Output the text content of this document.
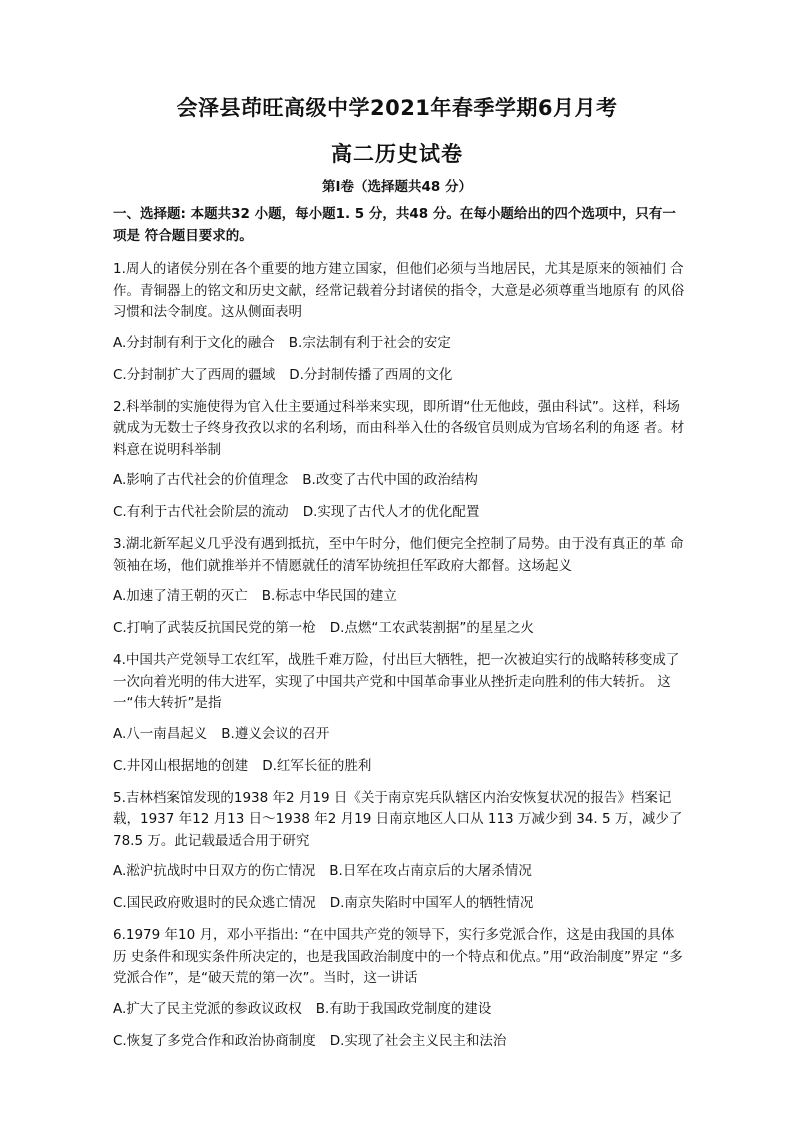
会泽县茚旺高级中学2021年春季学期6月月考
高二历史试卷
第I卷（选择题共48 分）

一、选择题: 本题共32 小题，每小题1. 5 分，共48 分。在每小题给出的四个选项中，只有一项是 符合题目要求的。

1.周人的诸侯分别在各个重要的地方建立国家，但他们必须与当地居民，尤其是原来的领袖们 合作。青铜器上的铭文和历史文献，经常记载着分封诸侯的指令，大意是必须尊重当地原有 的风俗习惯和法令制度。这从侧面表明

A.分封制有利于文化的融合 B.宗法制有利于社会的安定

C.分封制扩大了西周的疆域 D.分封制传播了西周的文化

2.科举制的实施使得为官入仕主要通过科举来实现，即所谓“仕无他歧，强由科试”。这样，科场 就成为无数士子终身孜孜以求的名利场，而由科举入仕的各级官员则成为官场名利的角逐 者。材料意在说明科举制

A.影响了古代社会的价值理念 B.改变了古代中国的政治结构

C.有利于古代社会阶层的流动 D.实现了古代人才的优化配置

3.湖北新军起义几乎没有遇到抵抗，至中午时分，他们便完全控制了局势。由于没有真正的革 命领袖在场，他们就推举并不情愿就任的清军协统担任军政府大都督。这场起义

A.加速了清王朝的灭亡 B.标志中华民国的建立

C.打响了武装反抗国民党的第一枪 D.点燃“工农武装割据”的星星之火

4.中国共产党领导工农红军，战胜千难万险，付出巨大牺牲，把一次被迫实行的战略转移变成了 一次向着光明的伟大进军，实现了中国共产党和中国革命事业从挫折走向胜利的伟大转折。 这一“伟大转折”是指

A.八一南昌起义 B.遵义会议的召开

C.井冈山根据地的创建 D.红军长征的胜利

5.吉林档案馆发现的1938 年2 月19 日《关于南京宪兵队辖区内治安恢复状况的报告》档案记 载，1937 年12 月13 日～1938 年2 月19 日南京地区人口从 113 万减少到 34. 5 万，减少了 78.5 万。此记载最适合用于研究

A.淞沪抗战时中日双方的伤亡情况 B.日军在攻占南京后的大屠杀情况

C.国民政府败退时的民众逃亡情况 D.南京失陷时中国军人的牺牲情况

6.1979 年10 月，邓小平指出: “在中国共产党的领导下，实行多党派合作，这是由我国的具体历 史条件和现实条件所决定的，也是我国政治制度中的一个特点和优点。”用“政治制度”界定 “多党派合作”，是“破天荒的第一次”。当时，这一讲话

A.扩大了民主党派的参政议政权 B.有助于我国政党制度的建设

C.恢复了多党合作和政治协商制度 D.实现了社会主义民主和法治
